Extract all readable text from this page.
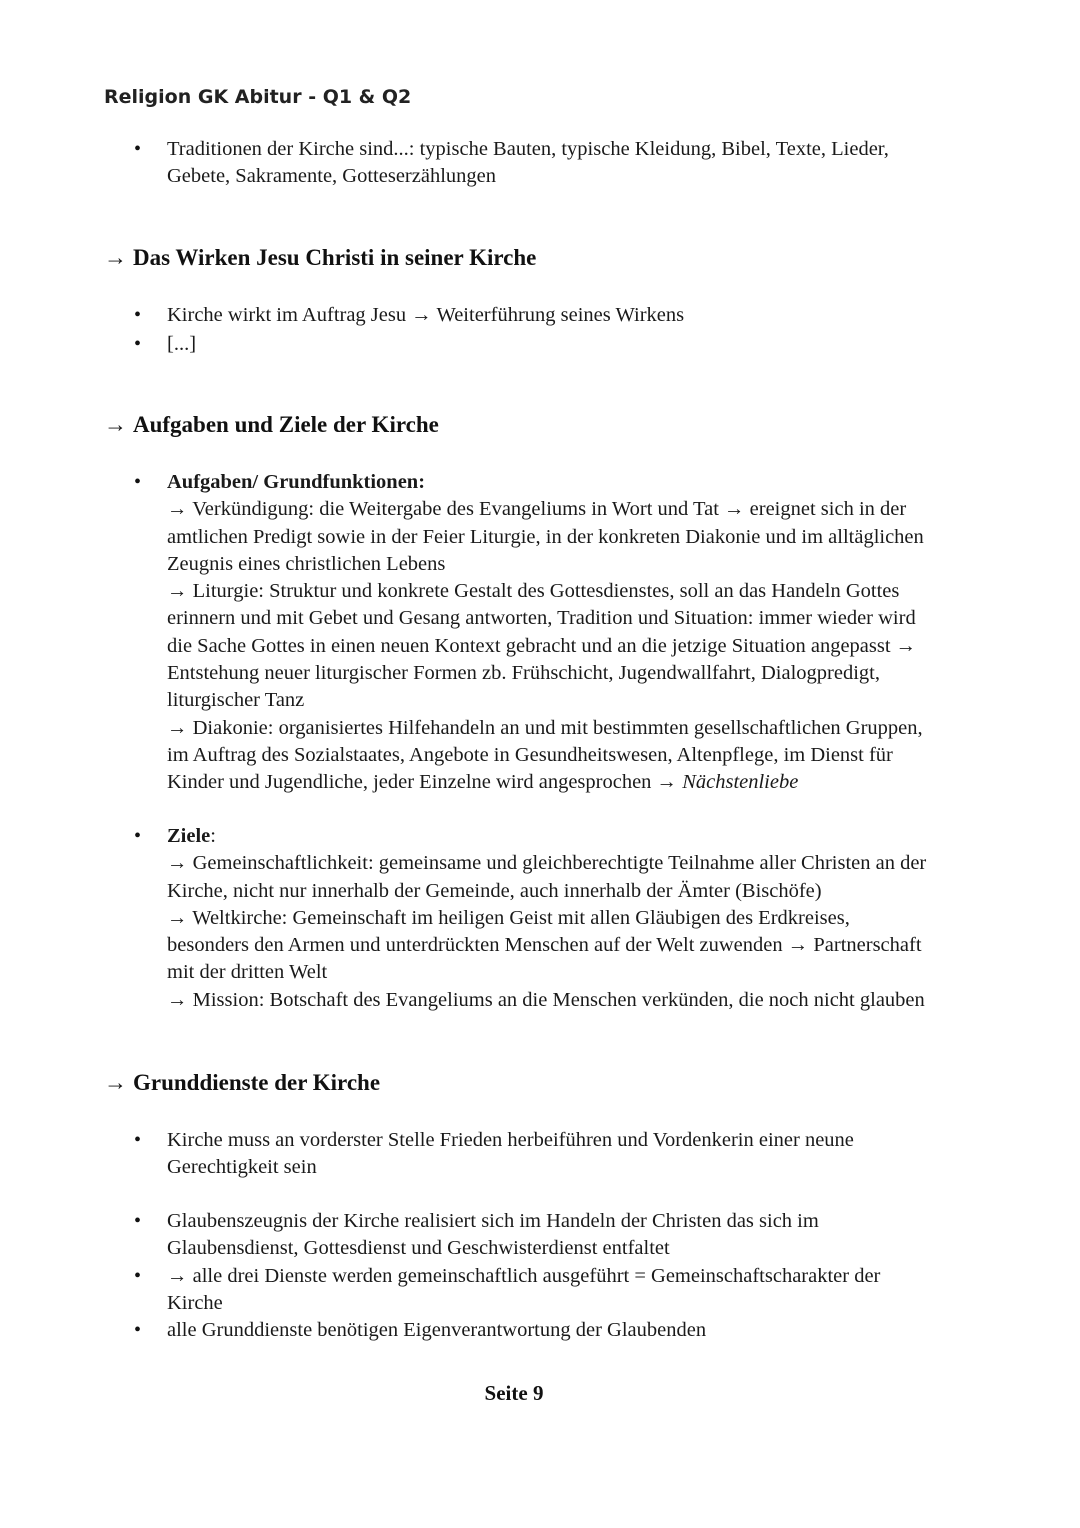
Religion GK Abitur - Q1 & Q2
• Traditionen der Kirche sind...: typische Bauten, typische Kleidung, Bibel, Texte, Lieder,
Gebete, Sakramente, Gotteserzählungen
→ Das Wirken Jesu Christi in seiner Kirche
• Kirche wirkt im Auftrag Jesu → Weiterführung seines Wirkens
• [...]
→ Aufgaben und Ziele der Kirche
• Aufgaben/ Grundfunktionen:
→ Verkündigung: die Weitergabe des Evangeliums in Wort und Tat → ereignet sich in der
amtlichen Predigt sowie in der Feier Liturgie, in der konkreten Diakonie und im alltäglichen
Zeugnis eines christlichen Lebens
→ Liturgie: Struktur und konkrete Gestalt des Gottesdienstes, soll an das Handeln Gottes
erinnern und mit Gebet und Gesang antworten, Tradition und Situation: immer wieder wird
die Sache Gottes in einen neuen Kontext gebracht und an die jetzige Situation angepasst →
Entstehung neuer liturgischer Formen zb. Frühschicht, Jugendwallfahrt, Dialogpredigt,
liturgischer Tanz
→ Diakonie: organisiertes Hilfehandeln an und mit bestimmten gesellschaftlichen Gruppen,
im Auftrag des Sozialstaates, Angebote in Gesundheitswesen, Altenpflege, im Dienst für
Kinder und Jugendliche, jeder Einzelne wird angesprochen → Nächstenliebe
• Ziele:
→ Gemeinschaftlichkeit: gemeinsame und gleichberechtigte Teilnahme aller Christen an der
Kirche, nicht nur innerhalb der Gemeinde, auch innerhalb der Ämter (Bischöfe)
→ Weltkirche: Gemeinschaft im heiligen Geist mit allen Gläubigen des Erdkreises,
besonders den Armen und unterdrückten Menschen auf der Welt zuwenden → Partnerschaft
mit der dritten Welt
→ Mission: Botschaft des Evangeliums an die Menschen verkünden, die noch nicht glauben
→ Grunddienste der Kirche
• Kirche muss an vorderster Stelle Frieden herbeiführen und Vordenkerin einer neune
Gerechtigkeit sein
• Glaubenszeugnis der Kirche realisiert sich im Handeln der Christen das sich im
Glaubensdienst, Gottesdienst und Geschwisterdienst entfaltet
• → alle drei Dienste werden gemeinschaftlich ausgeführt = Gemeinschaftscharakter der
Kirche
• alle Grunddienste benötigen Eigenverantwortung der Glaubenden
Seite 9
